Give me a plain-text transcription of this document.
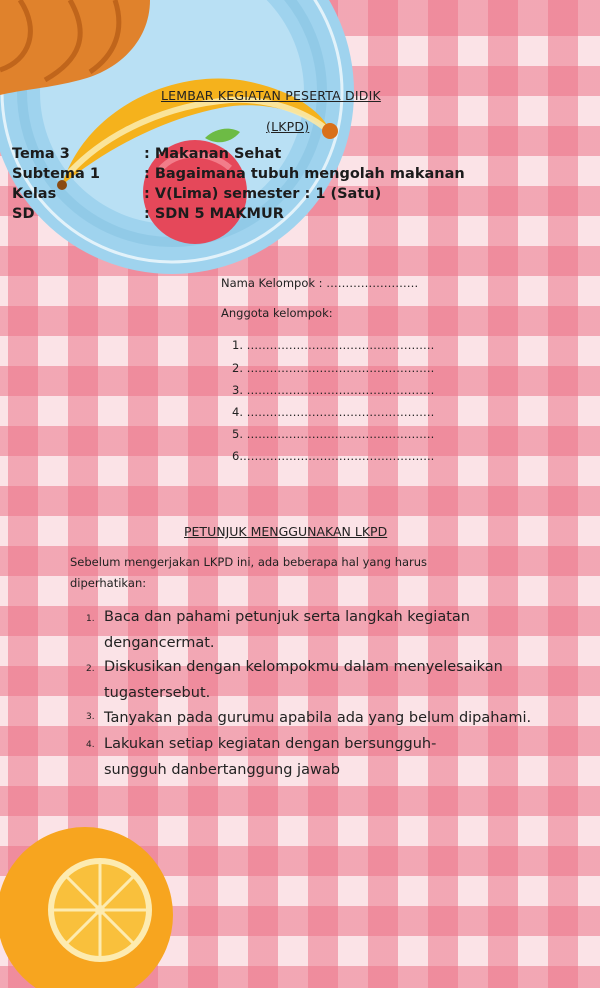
LEMBAR KEGIATAN PESERTA DIDIK
(LKPD)
Tema 3	: Makanan Sehat
Subtema 1	: Bagaimana tubuh mengolah makanan
Kelas	: V(Lima) semester : 1 (Satu)
SD	: SDN 5 MAKMUR
Nama Kelompok : ……………………
Anggota kelompok:
1. ………………………………………….
2. ………………………………………….
3. ………………………………………….
4. ………………………………………….
5. ………………………………………….
6.…………………………………………..
PETUNJUK MENGGUNAKAN LKPD
Sebelum mengerjakan LKPD ini, ada beberapa hal yang harus diperhatikan:
1. Baca dan pahami petunjuk serta langkah kegiatan dengancermat.
2. Diskusikan dengan kelompokmu dalam menyelesaikan tugastersebut.
3. Tanyakan pada gurumu apabila ada yang belum dipahami.
4. Lakukan setiap kegiatan dengan bersungguh-sungguh danbertanggung jawab
